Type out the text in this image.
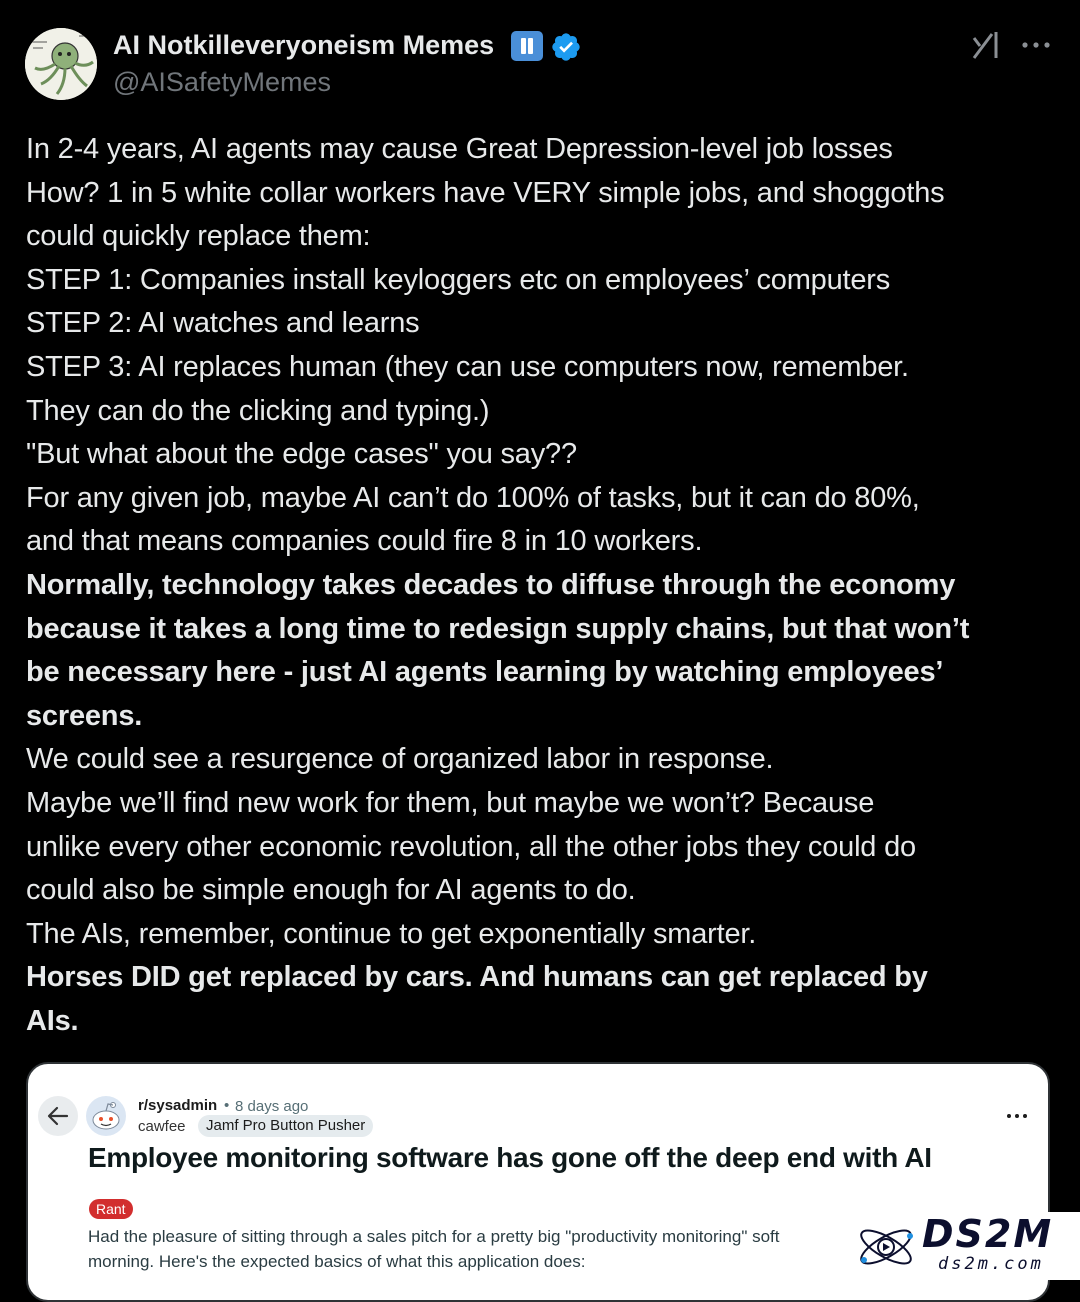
AI Notkilleveryoneism Memes
@AISafetyMemes

In 2-4 years, AI agents may cause Great Depression-level job losses

How? 1 in 5 white collar workers have VERY simple jobs, and shoggoths

could quickly replace them:

STEP 1: Companies install keyloggers etc on employees’ computers

STEP 2: AI watches and learns

STEP 3: AI replaces human (they can use computers now, remember.

They can do the clicking and typing.)

"But what about the edge cases" you say??

For any given job, maybe AI can’t do 100% of tasks, but it can do 80%,

and that means companies could fire 8 in 10 workers.

Normally, technology takes decades to diffuse through the economy

because it takes a long time to redesign supply chains, but that won’t

be necessary here - just AI agents learning by watching employees’

screens.

We could see a resurgence of organized labor in response.

Maybe we’ll find new work for them, but maybe we won’t? Because

unlike every other economic revolution, all the other jobs they could do

could also be simple enough for AI agents to do.

The AIs, remember, continue to get exponentially smarter.

Horses DID get replaced by cars. And humans can get replaced by

AIs.

r/sysadmin • 8 days ago
cawfee	Jamf Pro Button Pusher
Employee monitoring software has gone off the deep end with AI
Rant
Had the pleasure of sitting through a sales pitch for a pretty big "productivity monitoring" soft
morning. Here's the expected basics of what this application does:
DS2M
ds2m.com
